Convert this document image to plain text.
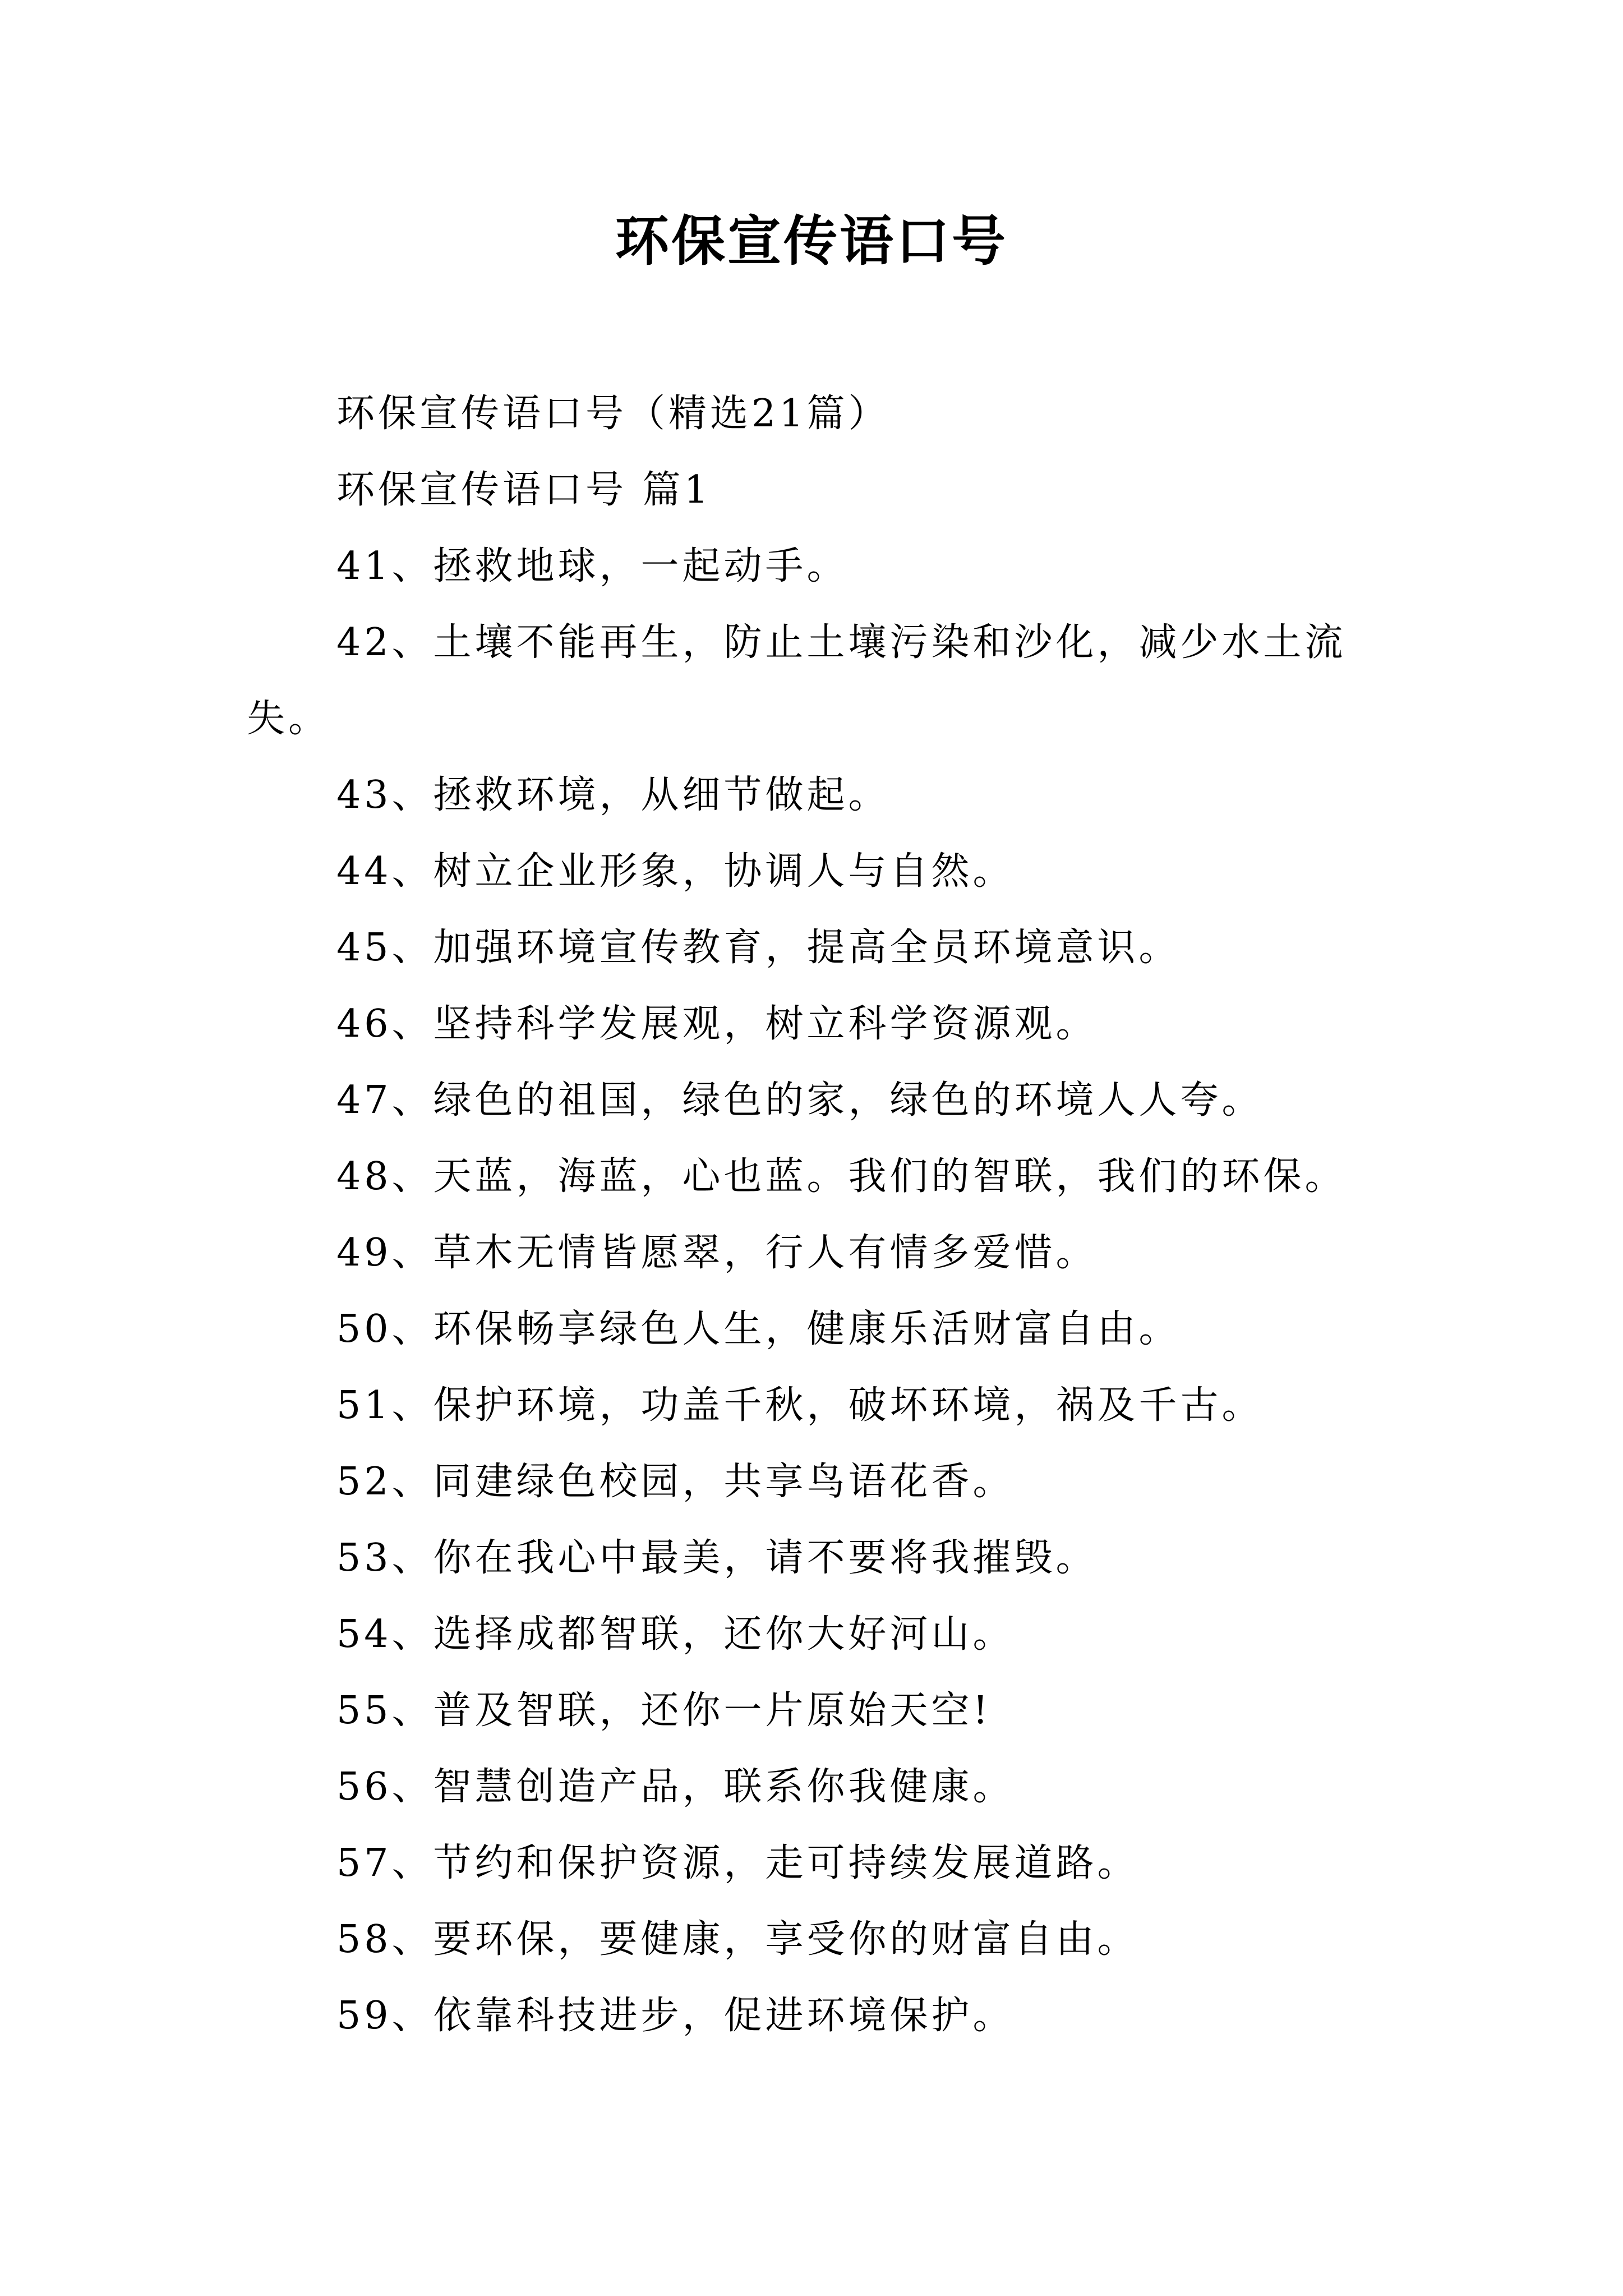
环保宣传语口号

环保宣传语口号（精选21篇）

环保宣传语口号 篇1

41、拯救地球，一起动手。

42、土壤不能再生，防止土壤污染和沙化，减少水土流失。

43、拯救环境，从细节做起。

44、树立企业形象，协调人与自然。

45、加强环境宣传教育，提高全员环境意识。

46、坚持科学发展观，树立科学资源观。

47、绿色的祖国，绿色的家，绿色的环境人人夸。

48、天蓝，海蓝，心也蓝。我们的智联，我们的环保。

49、草木无情皆愿翠，行人有情多爱惜。

50、环保畅享绿色人生，健康乐活财富自由。

51、保护环境，功盖千秋，破坏环境，祸及千古。

52、同建绿色校园，共享鸟语花香。

53、你在我心中最美，请不要将我摧毁。

54、选择成都智联，还你大好河山。

55、普及智联，还你一片原始天空!

56、智慧创造产品，联系你我健康。

57、节约和保护资源，走可持续发展道路。

58、要环保，要健康，享受你的财富自由。

59、依靠科技进步，促进环境保护。
